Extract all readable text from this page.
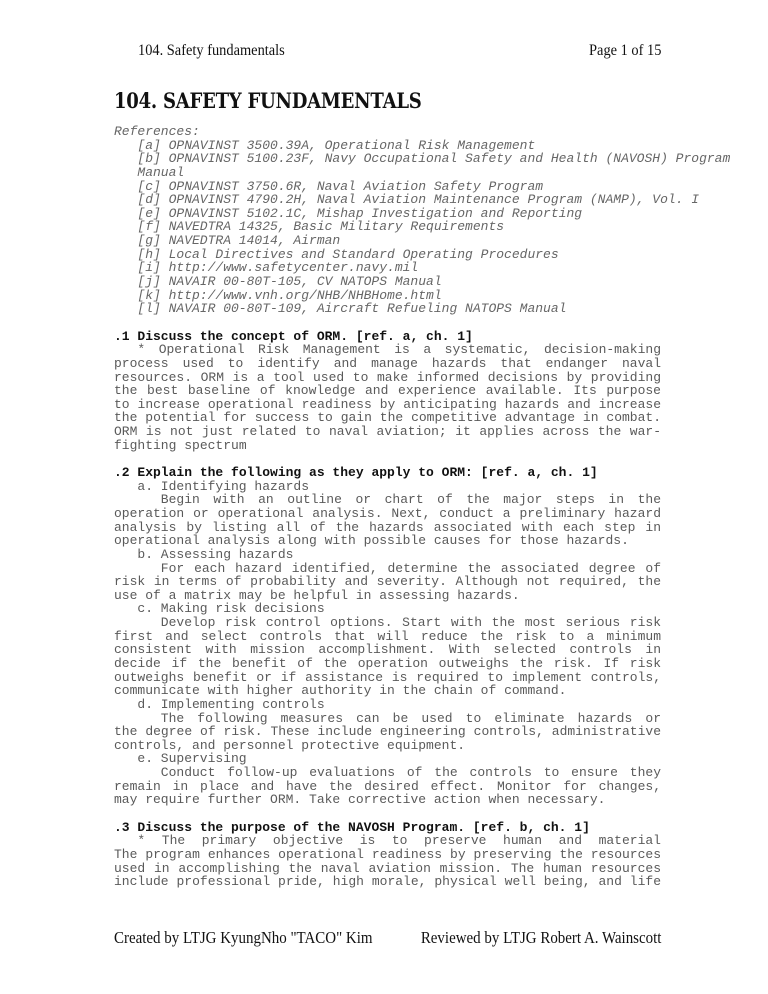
104. Safety fundamentals	Page 1 of 15
104. SAFETY FUNDAMENTALS
References:
[a] OPNAVINST 3500.39A, Operational Risk Management
[b] OPNAVINST 5100.23F, Navy Occupational Safety and Health (NAVOSH) Program
Manual
[c] OPNAVINST 3750.6R, Naval Aviation Safety Program
[d] OPNAVINST 4790.2H, Naval Aviation Maintenance Program (NAMP), Vol. I
[e] OPNAVINST 5102.1C, Mishap Investigation and Reporting
[f] NAVEDTRA 14325, Basic Military Requirements
[g] NAVEDTRA 14014, Airman
[h] Local Directives and Standard Operating Procedures
[i] http://www.safetycenter.navy.mil
[j] NAVAIR 00-80T-105, CV NATOPS Manual
[k] http://www.vnh.org/NHB/NHBHome.html
[l] NAVAIR 00-80T-109, Aircraft Refueling NATOPS Manual
.1 Discuss the concept of ORM. [ref. a, ch. 1]
* Operational Risk Management is a systematic, decision-making
process used to identify and manage hazards that endanger naval
resources. ORM is a tool used to make informed decisions by providing
the best baseline of knowledge and experience available. Its purpose
to increase operational readiness by anticipating hazards and increase
the potential for success to gain the competitive advantage in combat.
ORM is not just related to naval aviation; it applies across the war-
fighting spectrum
.2 Explain the following as they apply to ORM: [ref. a, ch. 1]
a. Identifying hazards
Begin with an outline or chart of the major steps in the
operation or operational analysis. Next, conduct a preliminary hazard
analysis by listing all of the hazards associated with each step in
operational analysis along with possible causes for those hazards.
b. Assessing hazards
For each hazard identified, determine the associated degree of
risk in terms of probability and severity. Although not required, the
use of a matrix may be helpful in assessing hazards.
c. Making risk decisions
Develop risk control options. Start with the most serious risk
first and select controls that will reduce the risk to a minimum
consistent with mission accomplishment. With selected controls in
decide if the benefit of the operation outweighs the risk. If risk
outweighs benefit or if assistance is required to implement controls,
communicate with higher authority in the chain of command.
d. Implementing controls
The following measures can be used to eliminate hazards or
the degree of risk. These include engineering controls, administrative
controls, and personnel protective equipment.
e. Supervising
Conduct follow-up evaluations of the controls to ensure they
remain in place and have the desired effect. Monitor for changes,
may require further ORM. Take corrective action when necessary.
.3 Discuss the purpose of the NAVOSH Program. [ref. b, ch. 1]
* The primary objective is to preserve human and material
The program enhances operational readiness by preserving the resources
used in accomplishing the naval aviation mission. The human resources
include professional pride, high morale, physical well being, and life
Created by LTJG KyungNho "TACO" Kim	Reviewed by LTJG Robert A. Wainscott
